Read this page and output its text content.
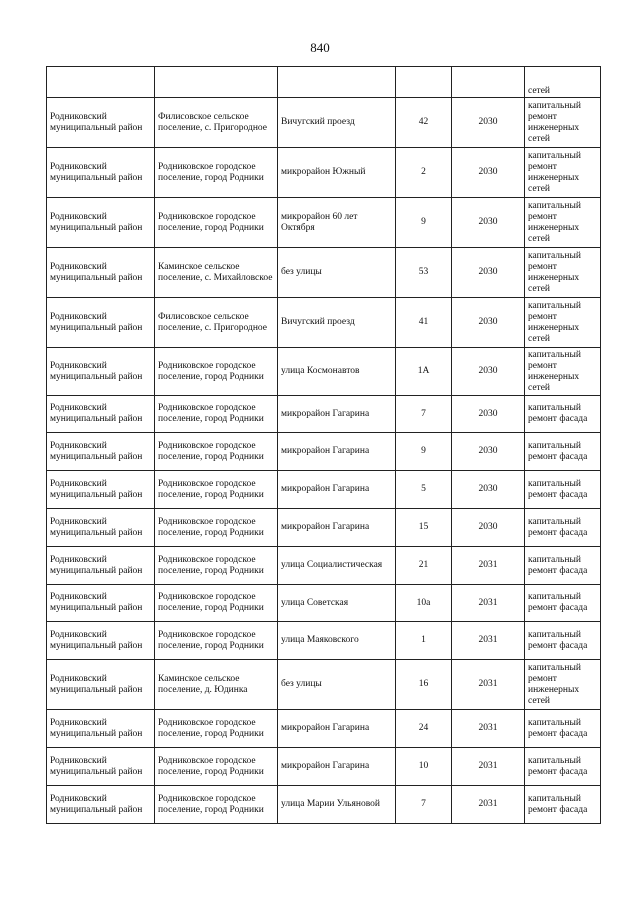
840
					сетей
Родниковский муниципальный район	Филисовское сельское поселение, с. Пригородное	Вичугский проезд	42	2030	капитальный ремонт инженерных сетей
Родниковский муниципальный район	Родниковское городское поселение, город Родники	микрорайон Южный	2	2030	капитальный ремонт инженерных сетей
Родниковский муниципальный район	Родниковское городское поселение, город Родники	микрорайон 60 лет Октября	9	2030	капитальный ремонт инженерных сетей
Родниковский муниципальный район	Каминское сельское поселение, с. Михайловское	без улицы	53	2030	капитальный ремонт инженерных сетей
Родниковский муниципальный район	Филисовское сельское поселение, с. Пригородное	Вичугский проезд	41	2030	капитальный ремонт инженерных сетей
Родниковский муниципальный район	Родниковское городское поселение, город Родники	улица Космонавтов	1А	2030	капитальный ремонт инженерных сетей
Родниковский муниципальный район	Родниковское городское поселение, город Родники	микрорайон Гагарина	7	2030	капитальный ремонт фасада
Родниковский муниципальный район	Родниковское городское поселение, город Родники	микрорайон Гагарина	9	2030	капитальный ремонт фасада
Родниковский муниципальный район	Родниковское городское поселение, город Родники	микрорайон Гагарина	5	2030	капитальный ремонт фасада
Родниковский муниципальный район	Родниковское городское поселение, город Родники	микрорайон Гагарина	15	2030	капитальный ремонт фасада
Родниковский муниципальный район	Родниковское городское поселение, город Родники	улица Социалистическая	21	2031	капитальный ремонт фасада
Родниковский муниципальный район	Родниковское городское поселение, город Родники	улица Советская	10а	2031	капитальный ремонт фасада
Родниковский муниципальный район	Родниковское городское поселение, город Родники	улица Маяковского	1	2031	капитальный ремонт фасада
Родниковский муниципальный район	Каминское сельское поселение, д. Юдинка	без улицы	16	2031	капитальный ремонт инженерных сетей
Родниковский муниципальный район	Родниковское городское поселение, город Родники	микрорайон Гагарина	24	2031	капитальный ремонт фасада
Родниковский муниципальный район	Родниковское городское поселение, город Родники	микрорайон Гагарина	10	2031	капитальный ремонт фасада
Родниковский муниципальный район	Родниковское городское поселение, город Родники	улица Марии Ульяновой	7	2031	капитальный ремонт фасада
